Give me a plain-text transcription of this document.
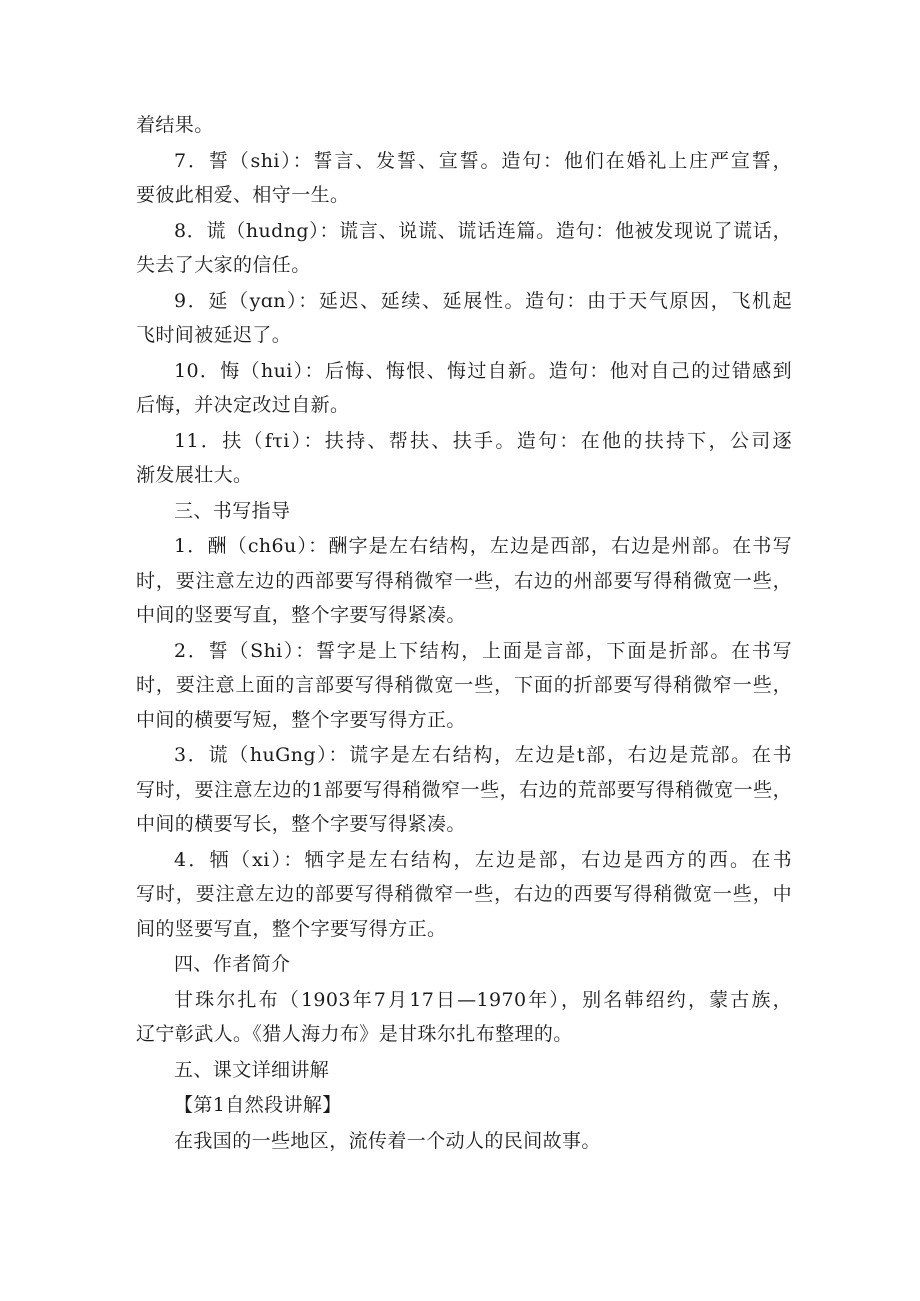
着结果。
7．誓（shi）：誓言、发誓、宣誓。造句：他们在婚礼上庄严宣誓，
要彼此相爱、相守一生。
8．谎（hudng）：谎言、说谎、谎话连篇。造句：他被发现说了谎话，
失去了大家的信任。
9．延（yɑn）：延迟、延续、延展性。造句：由于天气原因，飞机起
飞时间被延迟了。
10．悔（hui）：后悔、悔恨、悔过自新。造句：他对自己的过错感到
后悔，并决定改过自新。
11．扶（fτi）：扶持、帮扶、扶手。造句：在他的扶持下，公司逐
渐发展壮大。
三、书写指导
1．酬（ch6u）：酬字是左右结构，左边是西部，右边是州部。在书写
时，要注意左边的西部要写得稍微窄一些，右边的州部要写得稍微宽一些，
中间的竖要写直，整个字要写得紧凑。
2．誓（Shi）：誓字是上下结构，上面是言部，下面是折部。在书写
时，要注意上面的言部要写得稍微宽一些，下面的折部要写得稍微窄一些，
中间的横要写短，整个字要写得方正。
3．谎（huGng）：谎字是左右结构，左边是t部，右边是荒部。在书
写时，要注意左边的1部要写得稍微窄一些，右边的荒部要写得稍微宽一些，
中间的横要写长，整个字要写得紧凑。
4．牺（xi）：牺字是左右结构，左边是部，右边是西方的西。在书
写时，要注意左边的部要写得稍微窄一些，右边的西要写得稍微宽一些，中
间的竖要写直，整个字要写得方正。
四、作者简介
甘珠尔扎布（1903年7月17日—1970年），别名韩绍约，蒙古族，
辽宁彰武人。《猎人海力布》是甘珠尔扎布整理的。
五、课文详细讲解
【第1自然段讲解】
在我国的一些地区，流传着一个动人的民间故事。
